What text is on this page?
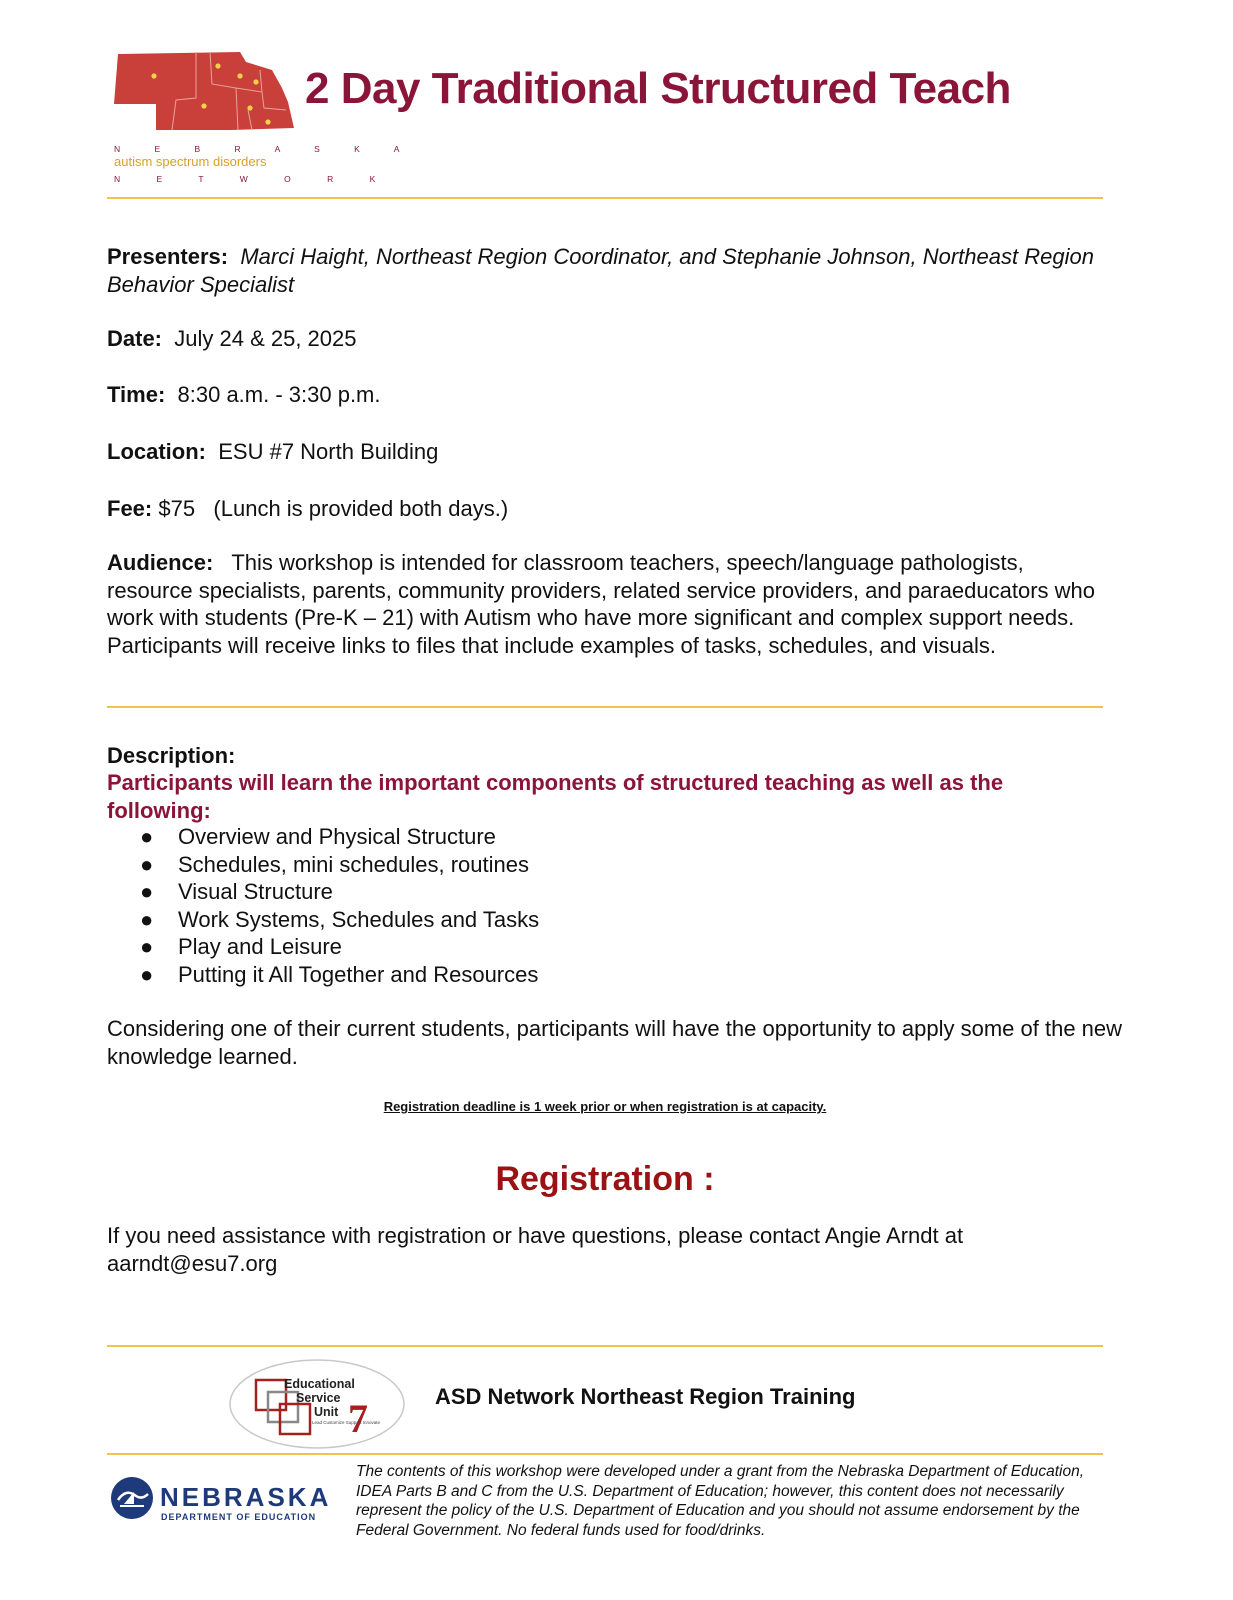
N E B R A S K A
autism spectrum disorders
N E T W O R K
2 Day Traditional Structured Teach
Presenters: Marci Haight, Northeast Region Coordinator, and Stephanie Johnson, Northeast Region Behavior Specialist
Date: July 24 & 25, 2025
Time: 8:30 a.m. - 3:30 p.m.
Location: ESU #7 North Building
Fee: $75   (Lunch is provided both days.)
Audience: This workshop is intended for classroom teachers, speech/language pathologists, resource specialists, parents, community providers, related service providers, and paraeducators who work with students (Pre-K – 21) with Autism who have more significant and complex support needs. Participants will receive links to files that include examples of tasks, schedules, and visuals.
Description:
Participants will learn the important components of structured teaching as well as the following:
● Overview and Physical Structure
● Schedules, mini schedules, routines
● Visual Structure
● Work Systems, Schedules and Tasks
● Play and Leisure
● Putting it All Together and Resources
Considering one of their current students, participants will have the opportunity to apply some of the new knowledge learned.
Registration deadline is 1 week prior or when registration is at capacity.
Registration :
If you need assistance with registration or have questions, please contact Angie Arndt at aarndt@esu7.org
Educational
Service
Unit 7
Lead Customize Support Innovate
ASD Network Northeast Region Training
NEBRASKA
DEPARTMENT OF EDUCATION
The contents of this workshop were developed under a grant from the Nebraska Department of Education, IDEA Parts B and C from the U.S. Department of Education; however, this content does not necessarily represent the policy of the U.S. Department of Education and you should not assume endorsement by the Federal Government. No federal funds used for food/drinks.
